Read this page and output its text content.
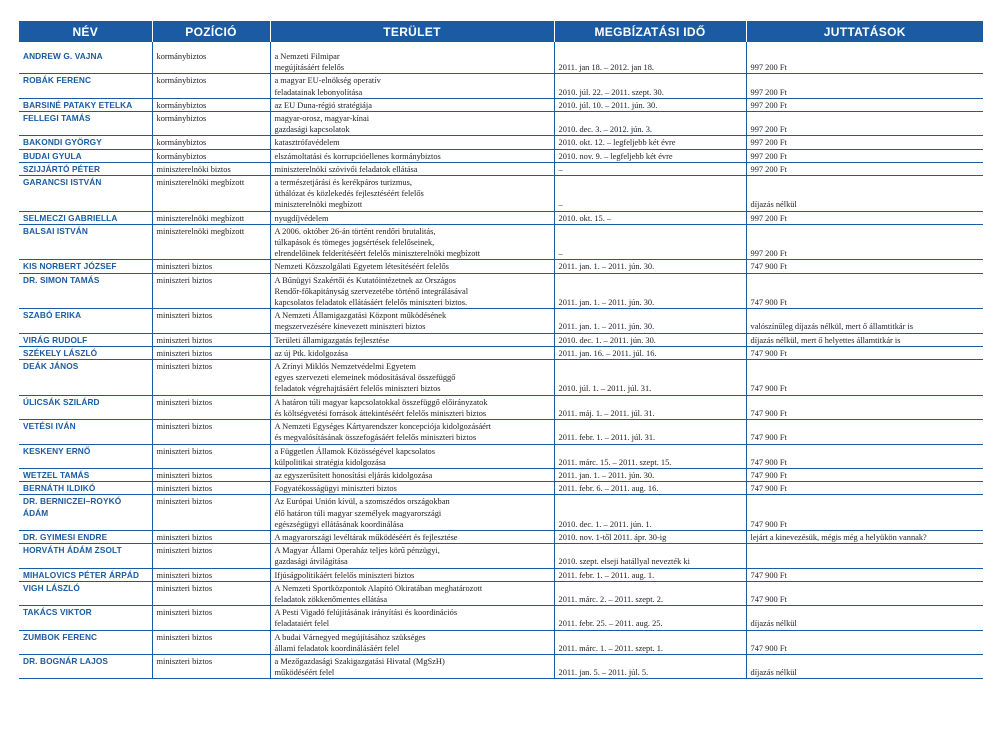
NÉV	POZÍCIÓ	TERÜLET	MEGBÍZATÁSI IDŐ	JUTTATÁSOK
ANDREW G. VAJNA	kormánybiztos	a Nemzeti Filmipar
megújításáért felelős	2011. jan 18. – 2012. jan 18.	997 200 Ft
ROBÁK FERENC	kormánybiztos	a magyar EU-elnökség operatív
feladatainak lebonyolítása	2010. júl. 22. – 2011. szept. 30.	997 200 Ft
BARSINÉ PATAKY ETELKA	kormánybiztos	az EU Duna-régió stratégiája	2010. júl. 10. – 2011. jún. 30.	997 200 Ft
FELLEGI TAMÁS	kormánybiztos	magyar-orosz, magyar-kínai
gazdasági kapcsolatok	2010. dec. 3. – 2012. jún. 3.	997 200 Ft
BAKONDI GYÖRGY	kormánybiztos	katasztrófavédelem	2010. okt. 12. – legfeljebb két évre	997 200 Ft
BUDAI GYULA	kormánybiztos	elszámoltatási és korrupcióellenes kormánybiztos	2010. nov. 9. – legfeljebb két évre	997 200 Ft
SZIJJÁRTÓ PÉTER	miniszterelnöki biztos	miniszterelnöki szóvivői feladatok ellátása	–	997 200 Ft
GARANCSI ISTVÁN	miniszterelnöki megbízott	a természetjárási és kerékpáros turizmus,
úthálózat és közlekedés fejlesztéséért felelős
miniszterelnöki megbízott	–	díjazás nélkül
SELMECZI GABRIELLA	miniszterelnöki megbízott	nyugdíjvédelem	2010. okt. 15. –	997 200 Ft
BALSAI ISTVÁN	miniszterelnöki megbízott	A 2006. október 26-án történt rendőri brutalitás,
túlkapások és tömeges jogsértések felelőseinek,
elrendelőinek felderítéséért felelős miniszterelnöki megbízott	–	997 200 Ft
KIS NORBERT JÓZSEF	miniszteri biztos	Nemzeti Közszolgálati Egyetem létesítéséért felelős	2011. jan. 1. – 2011. jún. 30.	747 900 Ft
DR. SIMON TAMÁS	miniszteri biztos	A Bűnügyi Szakértői és Kutatóintézetnek az Országos
Rendőr-főkapitányság szervezetébe történő integrálásával
kapcsolatos feladatok ellátásáért felelős miniszteri biztos.	2011. jan. 1. – 2011. jún. 30.	747 900 Ft
SZABÓ ERIKA	miniszteri biztos	A Nemzeti Államigazgatási Központ működésének
megszervezésére kinevezett miniszteri biztos	2011. jan. 1. – 2011. jún. 30.	valószínűleg díjazás nélkül, mert ő államtitkár is
VIRÁG RUDOLF	miniszteri biztos	Területi államigazgatás fejlesztése	2010. dec. 1. – 2011. jún. 30.	díjazás nélkül, mert ő helyettes államtitkár is
SZÉKELY LÁSZLÓ	miniszteri biztos	az új Ptk. kidolgozása	2011. jan. 16. – 2011. júl. 16.	747 900 Ft
DEÁK JÁNOS	miniszteri biztos	A Zrínyi Miklós Nemzetvédelmi Egyetem
egyes szervezeti elemeinek módosításával összefüggő
feladatok végrehajtásáért felelős miniszteri biztos	2010. júl. 1. – 2011. júl. 31.	747 900 Ft
ÚLICSÁK SZILÁRD	miniszteri biztos	A határon túli magyar kapcsolatokkal összefüggő előirányzatok
és költségvetési források áttekintéséért felelős miniszteri biztos	2011. máj. 1. – 2011. júl. 31.	747 900 Ft
VETÉSI IVÁN	miniszteri biztos	A Nemzeti Egységes Kártyarendszer koncepciója kidolgozásáért
és megvalósításának összefogásáért felelős miniszteri biztos	2011. febr. 1. – 2011. júl. 31.	747 900 Ft
KESKENY ERNŐ	miniszteri biztos	a Független Államok Közösségével kapcsolatos
külpolitikai stratégia kidolgozása	2011. márc. 15. – 2011. szept. 15.	747 900 Ft
WETZEL TAMÁS	miniszteri biztos	az egyszerűsített honosítási eljárás kidolgozása	2011. jan. 1. – 2011. jún. 30.	747 900 Ft
BERNÁTH ILDIKÓ	miniszteri biztos	Fogyatékosságügyi miniszteri biztos	2011. febr. 6. – 2011. aug. 16.	747 900 Ft
DR. BERNICZEI–ROYKÓ ÁDÁM	miniszteri biztos	Az Európai Unión kívül, a szomszédos országokban
élő határon túli magyar személyek magyarországi
egészségügyi ellátásának koordinálása	2010. dec. 1. – 2011. jún. 1.	747 900 Ft
DR. GYIMESI ENDRE	miniszteri biztos	A magyarországi levéltárak működéséért és fejlesztése	2010. nov. 1-től 2011. ápr. 30-ig	lejárt a kinevezésük, mégis még a helyükön vannak?
HORVÁTH ÁDÁM ZSOLT	miniszteri biztos	A Magyar Állami Operaház teljes körű pénzügyi,
gazdasági átvilágítása	2010. szept. elseji hatállyal nevezték ki	
MIHALOVICS PÉTER ÁRPÁD	miniszteri biztos	Ifjúságpolitikáért felelős miniszteri biztos	2011. febr. 1. – 2011. aug. 1.	747 900 Ft
VIGH LÁSZLÓ	miniszteri biztos	A Nemzeti Sportközpontok Alapító Okiratában meghatározott
feladatok zökkenőmentes ellátása	2011. márc. 2. – 2011. szept. 2.	747 900 Ft
TAKÁCS VIKTOR	miniszteri biztos	A Pesti Vigadó felújításának irányítási és koordinációs
feladataiért felel	2011. febr. 25. – 2011. aug. 25.	díjazás nélkül
ZUMBOK FERENC	miniszteri biztos	A budai Várnegyed megújításához szükséges
állami feladatok koordinálásáért felel	2011. márc. 1. – 2011. szept. 1.	747 900 Ft
DR. BOGNÁR LAJOS	miniszteri biztos	a Mezőgazdasági Szakigazgatási Hivatal (MgSzH)
működéséért felel	2011. jan. 5. – 2011. júl. 5.	díjazás nélkül
